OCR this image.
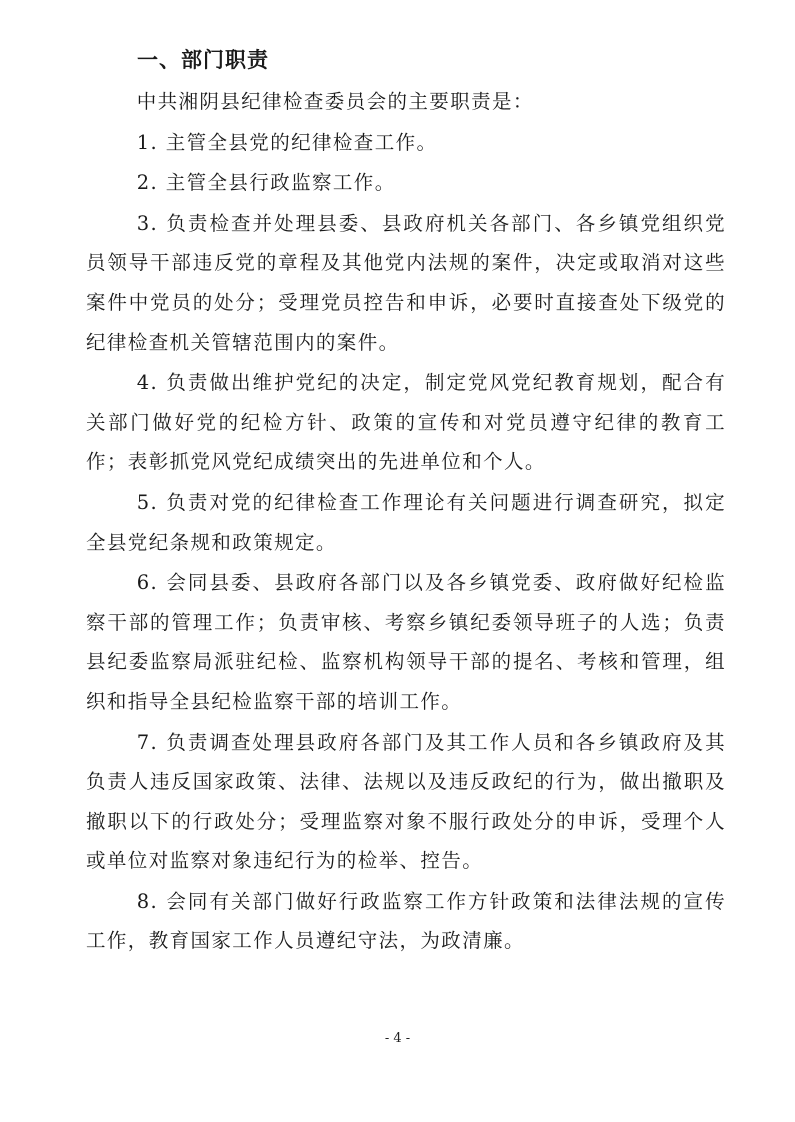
一、部门职责

中共湘阴县纪律检查委员会的主要职责是：

1. 主管全县党的纪律检查工作。

2. 主管全县行政监察工作。

3. 负责检查并处理县委、县政府机关各部门、各乡镇党组织党员领导干部违反党的章程及其他党内法规的案件，决定或取消对这些案件中党员的处分；受理党员控告和申诉，必要时直接查处下级党的纪律检查机关管辖范围内的案件。

4. 负责做出维护党纪的决定，制定党风党纪教育规划，配合有关部门做好党的纪检方针、政策的宣传和对党员遵守纪律的教育工作；表彰抓党风党纪成绩突出的先进单位和个人。

5. 负责对党的纪律检查工作理论有关问题进行调查研究，拟定全县党纪条规和政策规定。

6. 会同县委、县政府各部门以及各乡镇党委、政府做好纪检监察干部的管理工作；负责审核、考察乡镇纪委领导班子的人选；负责县纪委监察局派驻纪检、监察机构领导干部的提名、考核和管理，组织和指导全县纪检监察干部的培训工作。

7. 负责调查处理县政府各部门及其工作人员和各乡镇政府及其负责人违反国家政策、法律、法规以及违反政纪的行为，做出撤职及撤职以下的行政处分；受理监察对象不服行政处分的申诉，受理个人或单位对监察对象违纪行为的检举、控告。

8. 会同有关部门做好行政监察工作方针政策和法律法规的宣传工作，教育国家工作人员遵纪守法，为政清廉。

- 4 -
